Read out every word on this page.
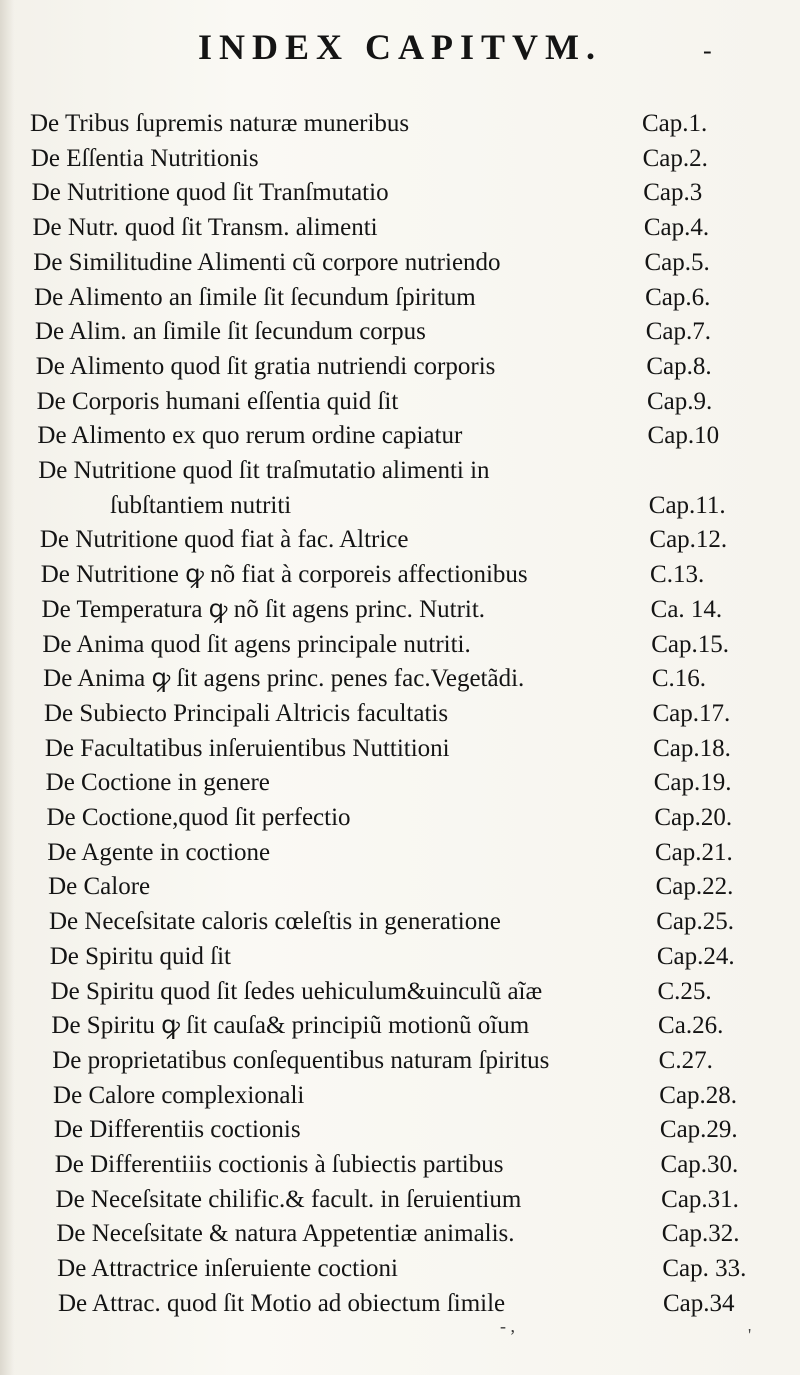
INDEX CAPITVM.	-
De Tribus ſupremis naturæ muneribus	Cap.1.
De Eſſentia Nutritionis	Cap.2.
De Nutritione quod ſit Tranſmutatio	Cap.3
De Nutr. quod ſit Transm. alimenti	Cap.4.
De Similitudine Alimenti cũ corpore nutriendo	Cap.5.
De Alimento an ſimile ſit ſecundum ſpiritum	Cap.6.
De Alim. an ſimile ſit ſecundum corpus	Cap.7.
De Alimento quod ſit gratia nutriendi corporis	Cap.8.
De Corporis humani eſſentia quid ſit	Cap.9.
De Alimento ex quo rerum ordine capiatur	Cap.10
De Nutritione quod ſit traſmutatio alimenti in
ſubſtantiem nutriti	Cap.11.
De Nutritione quod fiat à fac. Altrice	Cap.12.
De Nutritione ꝙ nõ fiat à corporeis affectionibus	C.13.
De Temperatura ꝙ nõ ſit agens princ. Nutrit.	Ca. 14.
De Anima quod ſit agens principale nutriti.	Cap.15.
De Anima ꝙ ſit agens princ. penes fac.Vegetãdi.	C.16.
De Subiecto Principali Altricis facultatis	Cap.17.
De Facultatibus inſeruientibus Nuttitioni	Cap.18.
De Coctione in genere	Cap.19.
De Coctione,quod ſit perfectio	Cap.20.
De Agente in coctione	Cap.21.
De Calore	Cap.22.
De Neceſsitate caloris cœleſtis in generatione	Cap.25.
De Spiritu quid ſit	Cap.24.
De Spiritu quod ſit ſedes uehiculum&uinculũ aĩæ	C.25.
De Spiritu ꝙ ſit cauſa& principiũ motionũ oĩum	Ca.26.
De proprietatibus conſequentibus naturam ſpiritus	C.27.
De Calore complexionali	Cap.28.
De Differentiis coctionis	Cap.29.
De Differentiiis coctionis à ſubiectis partibus	Cap.30.
De Neceſsitate chilific.& facult. in ſeruientium	Cap.31.
De Neceſsitate & natura Appetentiæ animalis.	Cap.32.
De Attractrice inſeruiente coctioni	Cap. 33.
De Attrac. quod ſit Motio ad obiectum ſimile	Cap.34
- ,	'
